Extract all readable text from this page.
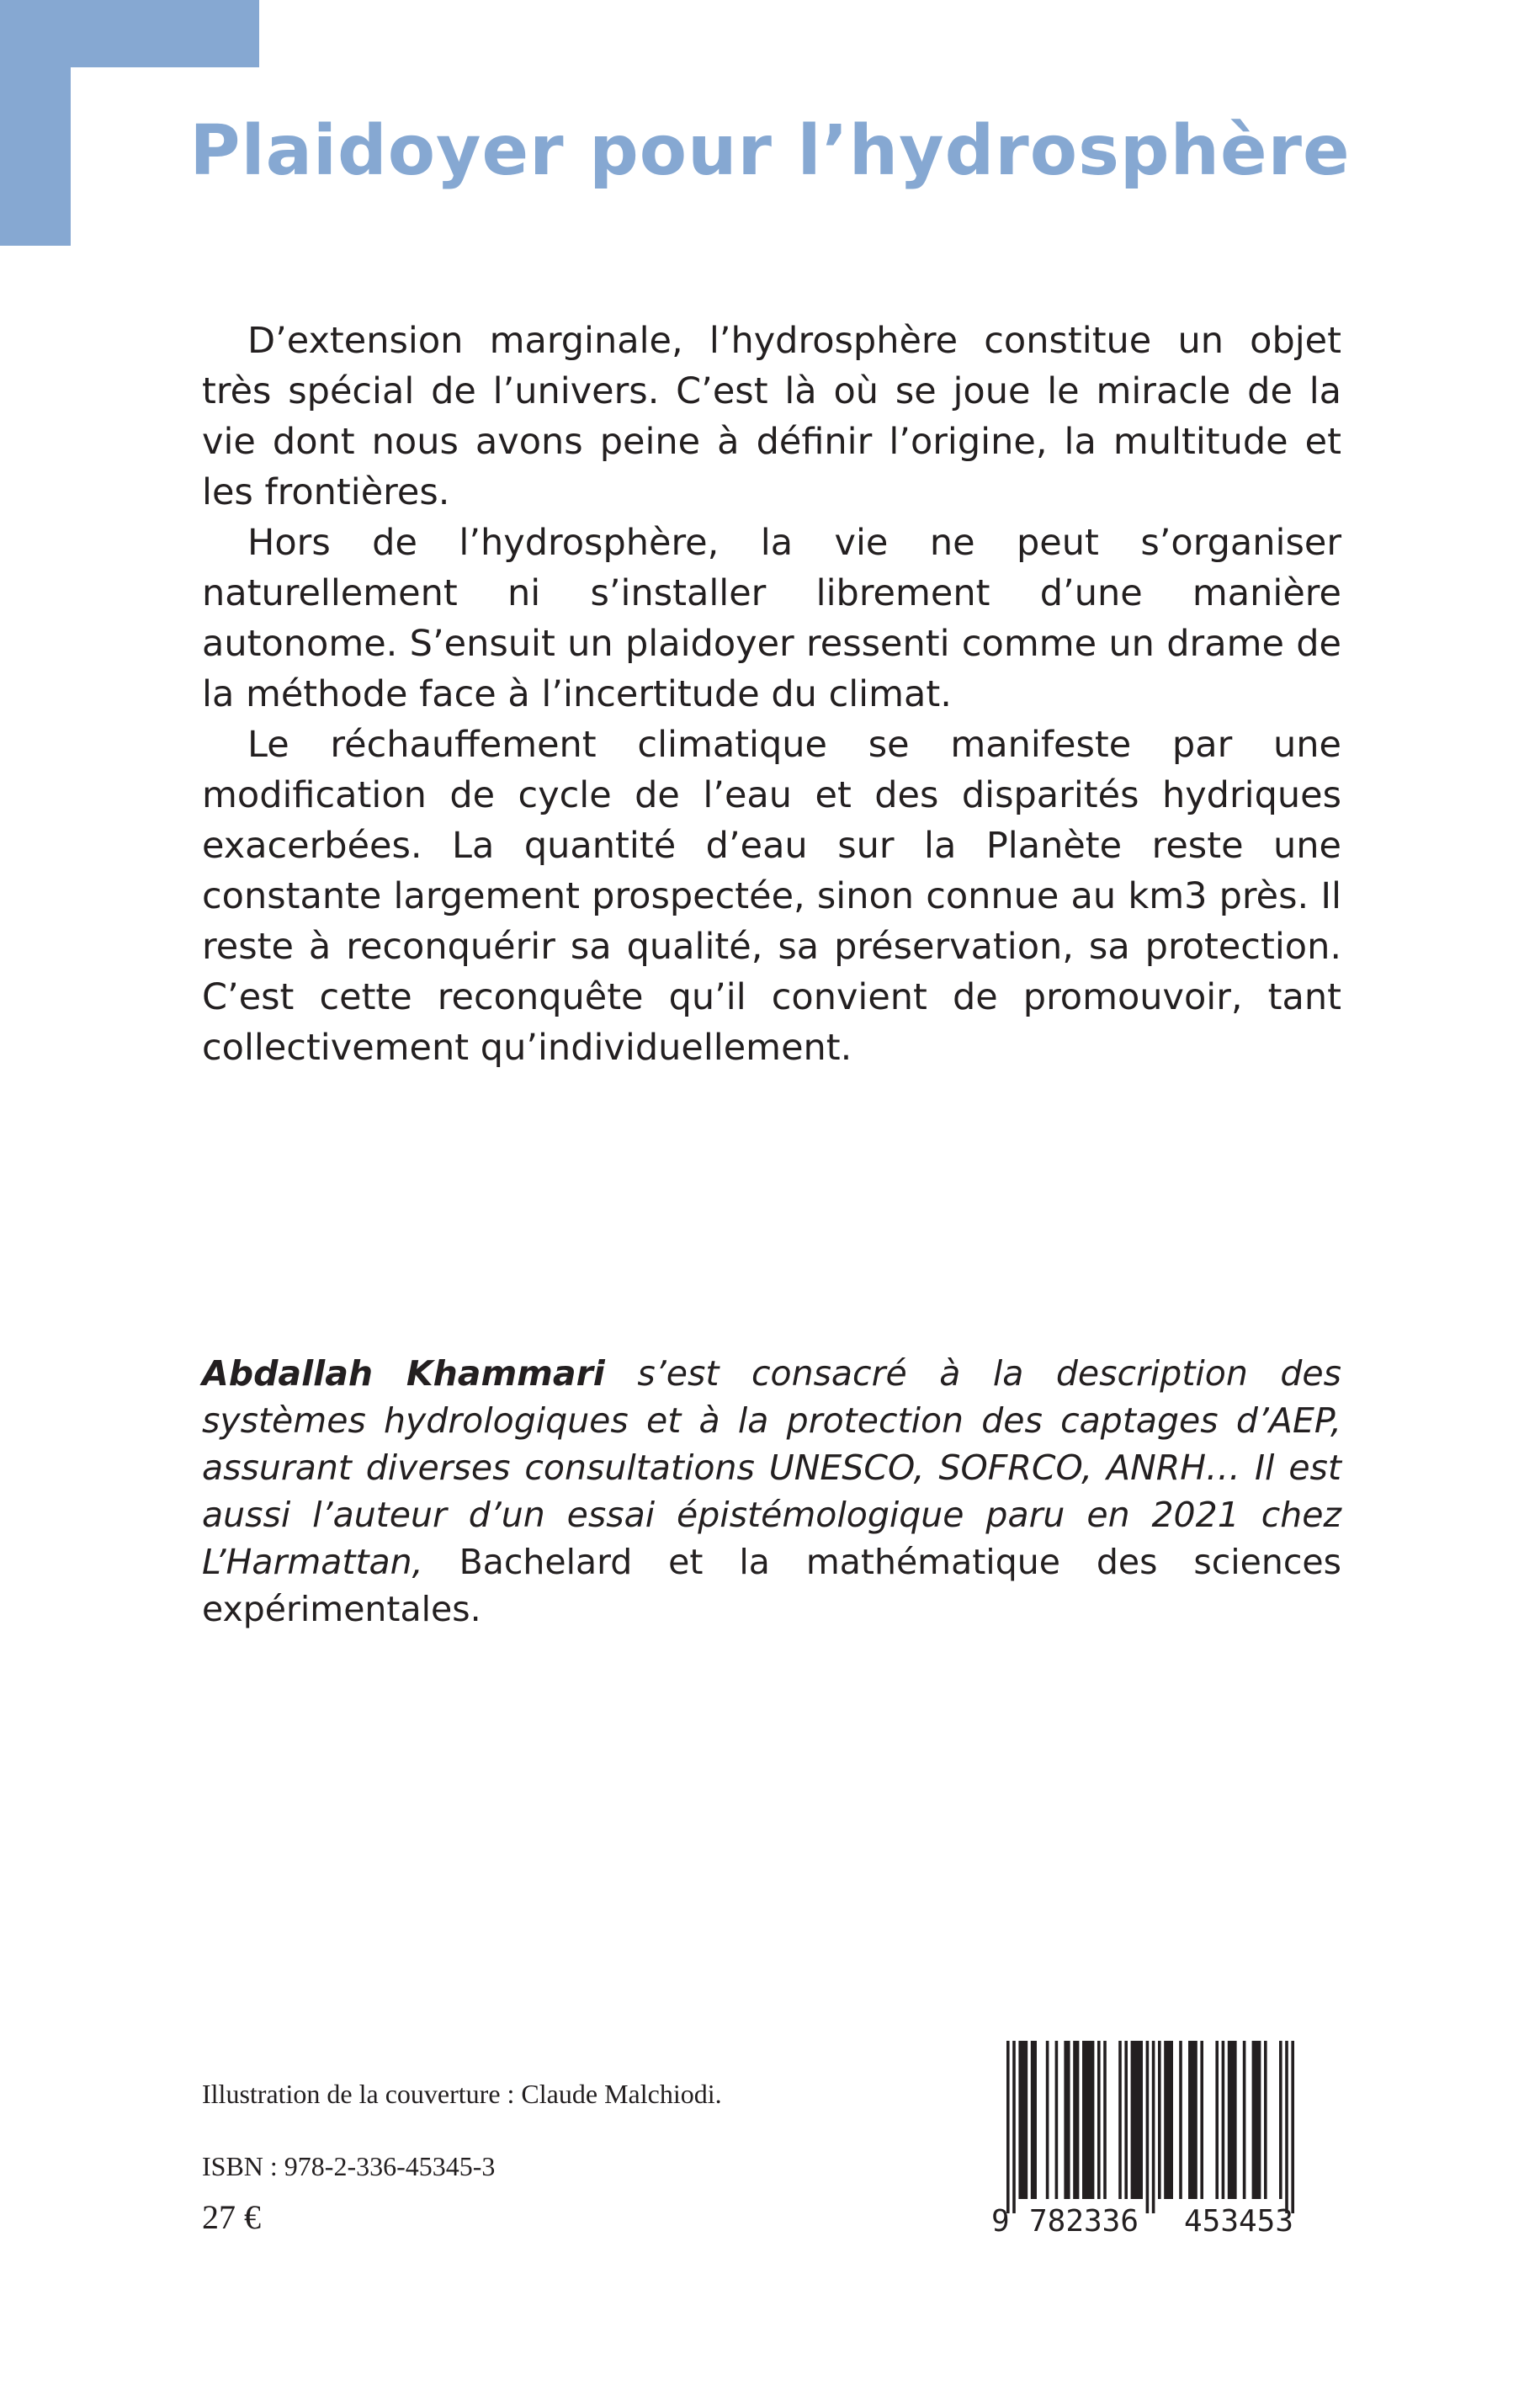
Plaidoyer pour l’hydrosphère

D’extension marginale, l’hydrosphère constitue un objet très spécial de l’univers. C’est là où se joue le miracle de la vie dont nous avons peine à définir l’origine, la multitude et les frontières.

Hors de l’hydrosphère, la vie ne peut s’organiser naturellement ni s’installer librement d’une manière autonome. S’ensuit un plaidoyer ressenti comme un drame de la méthode face à l’incertitude du climat.

Le réchauffement climatique se manifeste par une modification de cycle de l’eau et des disparités hydriques exacerbées. La quantité d’eau sur la Planète reste une constante largement prospectée, sinon connue au km3 près. Il reste à reconquérir sa qualité, sa préservation, sa protection. C’est cette reconquête qu’il convient de promouvoir, tant collectivement qu’individuellement.

Abdallah Khammari s’est consacré à la description des systèmes hydrologiques et à la protection des captages d’AEP, assurant diverses consultations UNESCO, SOFRCO, ANRH… Il est aussi l’auteur d’un essai épistémologique paru en 2021 chez L’Harmattan, Bachelard et la mathématique des sciences expérimentales.

Illustration de la couverture : Claude Malchiodi.

ISBN : 978-2-336-45345-3

27 €	9 782336 453453
